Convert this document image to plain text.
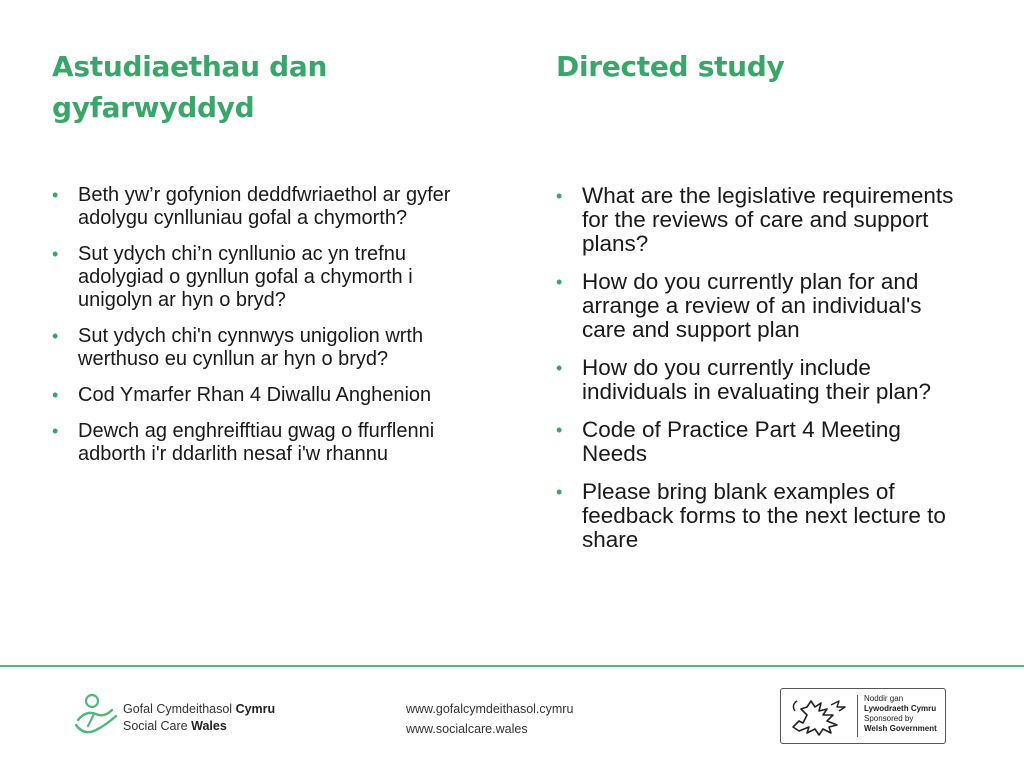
Astudiaethau dan gyfarwyddyd
• Beth yw’r gofynion deddfwriaethol ar gyfer adolygu cynlluniau gofal a chymorth?
• Sut ydych chi’n cynllunio ac yn trefnu adolygiad o gynllun gofal a chymorth i unigolyn ar hyn o bryd?
• Sut ydych chi'n cynnwys unigolion wrth werthuso eu cynllun ar hyn o bryd?
• Cod Ymarfer Rhan 4 Diwallu Anghenion
• Dewch ag enghreifftiau gwag o ffurflenni adborth i'r ddarlith nesaf i'w rhannu
Directed study
• What are the legislative requirements for the reviews of care and support plans?
• How do you currently plan for and arrange a review of an individual's care and support plan
• How do you currently include individuals in evaluating their plan?
• Code of Practice Part 4 Meeting Needs
• Please bring blank examples of feedback forms to the next lecture to share
Gofal Cymdeithasol Cymru
Social Care Wales
www.gofalcymdeithasol.cymru
www.socialcare.wales
Noddir gan
Lywodraeth Cymru
Sponsored by
Welsh Government
